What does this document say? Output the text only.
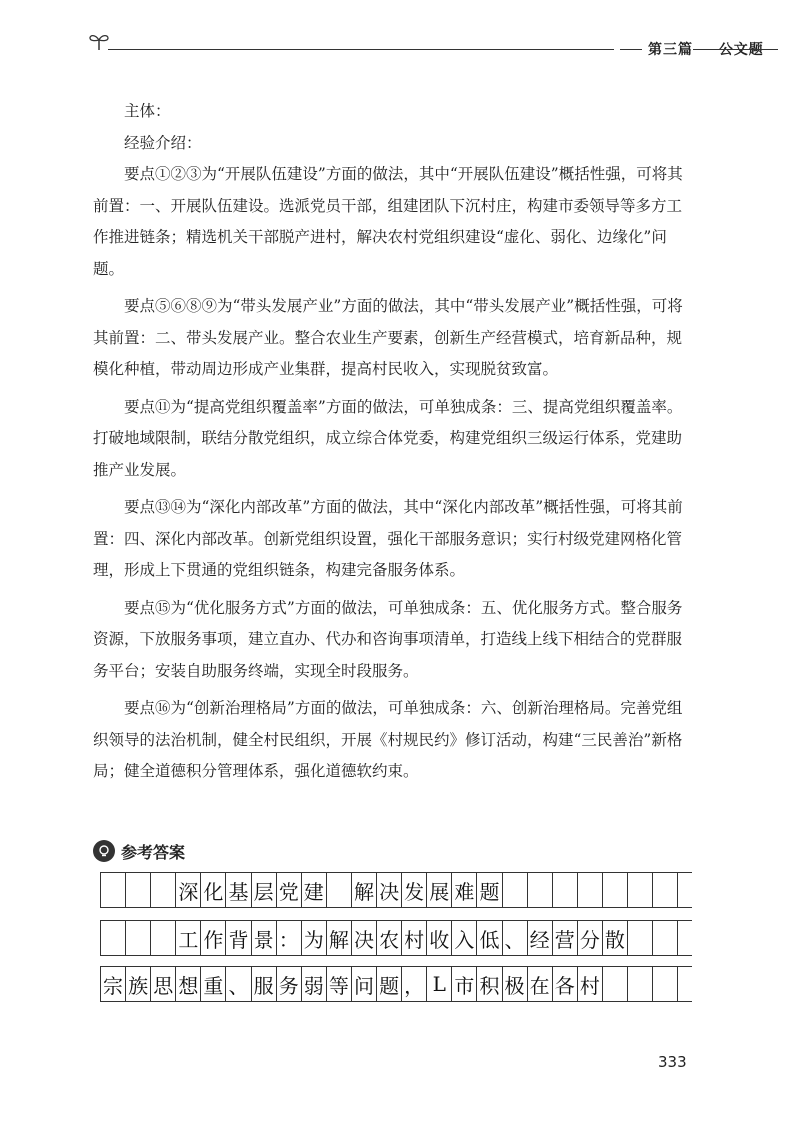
第三篇 公文题

主体：

经验介绍：

要点①②③为“开展队伍建设”方面的做法，其中“开展队伍建设”概括性强，可将其前置：一、开展队伍建设。选派党员干部，组建团队下沉村庄，构建市委领导等多方工作推进链条；精选机关干部脱产进村，解决农村党组织建设“虚化、弱化、边缘化”问题。

要点⑤⑥⑧⑨为“带头发展产业”方面的做法，其中“带头发展产业”概括性强，可将其前置：二、带头发展产业。整合农业生产要素，创新生产经营模式，培育新品种，规模化种植，带动周边形成产业集群，提高村民收入，实现脱贫致富。

要点⑪为“提高党组织覆盖率”方面的做法，可单独成条：三、提高党组织覆盖率。打破地域限制，联结分散党组织，成立综合体党委，构建党组织三级运行体系，党建助推产业发展。

要点⑬⑭为“深化内部改革”方面的做法，其中“深化内部改革”概括性强，可将其前置：四、深化内部改革。创新党组织设置，强化干部服务意识；实行村级党建网格化管理，形成上下贯通的党组织链条，构建完备服务体系。

要点⑮为“优化服务方式”方面的做法，可单独成条：五、优化服务方式。整合服务资源，下放服务事项，建立直办、代办和咨询事项清单，打造线上线下相结合的党群服务平台；安装自助服务终端，实现全时段服务。

要点⑯为“创新治理格局”方面的做法，可单独成条：六、创新治理格局。完善党组织领导的法治机制，健全村民组织，开展《村规民约》修订活动，构建“三民善治”新格局；健全道德积分管理体系，强化道德软约束。

参考答案
深 化 基 层 党 建 解 决 发 展 难 题
工 作 背 景 ： 为 解 决 农 村 收 入 低 、 经 营 分 散
宗 族 思 想 重 、 服 务 弱 等 问 题 ， L 市 积 极 在 各 村
333
